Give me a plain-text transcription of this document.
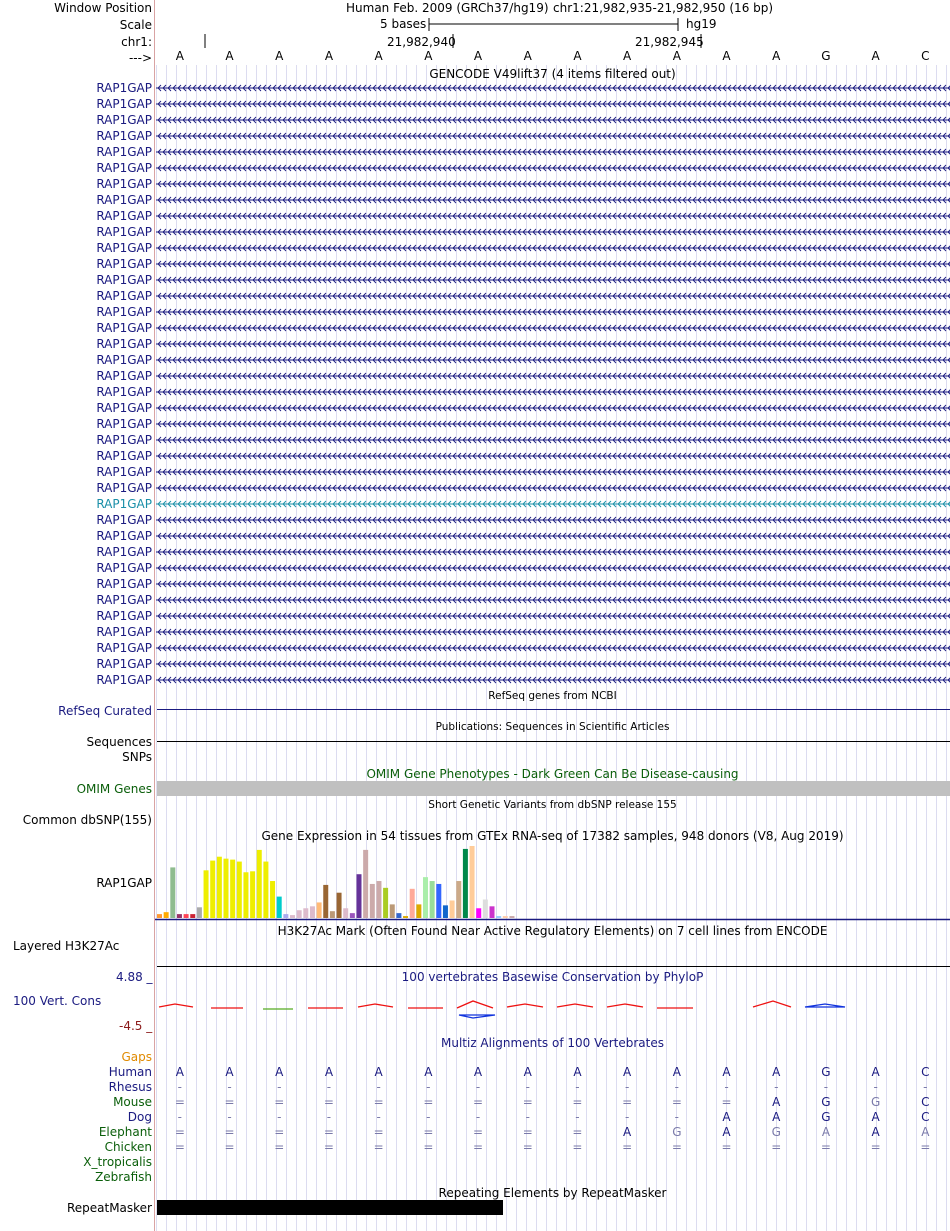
Window Position	Human Feb. 2009 (GRCh37/hg19) chr1:21,982,935-21,982,950 (16 bp)
Scale	5 bases	hg19
chr1:	21,982,940	21,982,945
--->	A	A	A	A	A	A	A	A	A	A	A	A	A	G	A	C
GENCODE V49lift37 (4 items filtered out)
RAP1GAP
RAP1GAP
RAP1GAP
RAP1GAP
RAP1GAP
RAP1GAP
RAP1GAP
RAP1GAP
RAP1GAP
RAP1GAP
RAP1GAP
RAP1GAP
RAP1GAP
RAP1GAP
RAP1GAP
RAP1GAP
RAP1GAP
RAP1GAP
RAP1GAP
RAP1GAP
RAP1GAP
RAP1GAP
RAP1GAP
RAP1GAP
RAP1GAP
RAP1GAP
RAP1GAP
RAP1GAP
RAP1GAP
RAP1GAP
RAP1GAP
RAP1GAP
RAP1GAP
RAP1GAP
RAP1GAP
RAP1GAP
RAP1GAP
RAP1GAP
RefSeq genes from NCBI
RefSeq Curated
Publications: Sequences in Scientific Articles
Sequences
SNPs
OMIM Gene Phenotypes - Dark Green Can Be Disease-causing
OMIM Genes
Short Genetic Variants from dbSNP release 155
Common dbSNP(155)
Gene Expression in 54 tissues from GTEx RNA-seq of 17382 samples, 948 donors (V8, Aug 2019)
RAP1GAP
H3K27Ac Mark (Often Found Near Active Regulatory Elements) on 7 cell lines from ENCODE
Layered H3K27Ac
4.88 _	100 vertebrates Basewise Conservation by PhyloP
100 Vert. Cons
-4.5 _
Multiz Alignments of 100 Vertebrates
Gaps
Human	A	A	A	A	A	A	A	A	A	A	A	A	A	G	A	C
Rhesus	-	-	-	-	-	-	-	-	-	-	-	-	-	-	-	-
Mouse	=	=	=	=	=	=	=	=	=	=	=	=	A	G	G	C
Dog	-	-	-	-	-	-	-	-	-	-	-	A	A	G	A	C
Elephant	=	=	=	=	=	=	=	=	=	A	G	A	G	A	A	A
Chicken	=	=	=	=	=	=	=	=	=	=	=	=	=	=	=	=
X_tropicalis
Zebrafish
Repeating Elements by RepeatMasker
RepeatMasker
